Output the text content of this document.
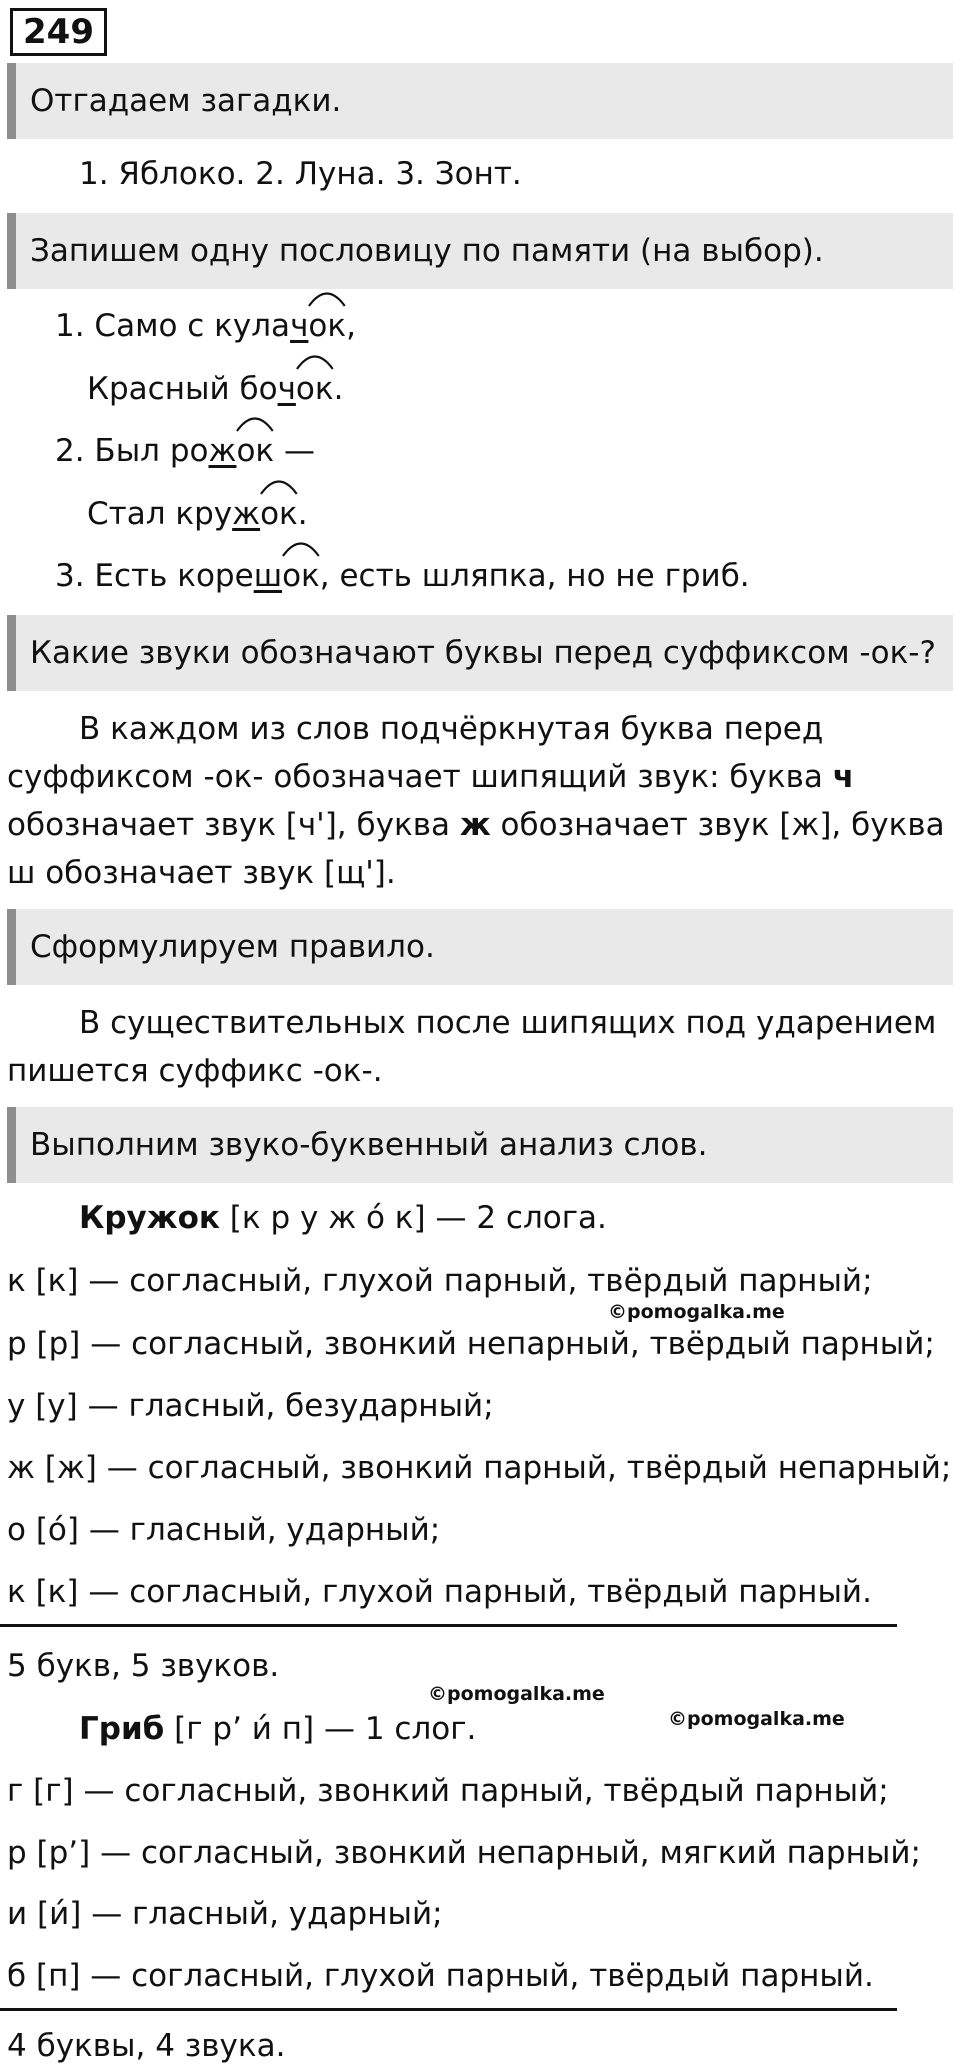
249
Отгадаем загадки.
1. Яблоко. 2. Луна. 3. Зонт.
Запишем одну пословицу по памяти (на выбор).
1. Само с кулач
ок,
Красный боч
ок.
2. Был рож
ок —
Стал круж
ок.
3. Есть кореш
ок, есть шляпка, но не гриб.
Какие звуки обозначают буквы перед суффиксом -ок-?
В каждом из слов подчёркнутая буква перед суффиксом -ок- обозначает шипящий звук: буква ч обозначает звук [ч'], буква ж обозначает звук [ж], буква ш обозначает звук [щ'].
Сформулируем правило.
В существительных после шипящих под ударением пишется суффикс -ок-.
Выполним звуко-буквенный анализ слов.
Кружок [к р у ж о́ к] — 2 слога.
к [к] — согласный, глухой парный, твёрдый парный;
©pomogalka.me
р [р] — согласный, звонкий непарный, твёрдый парный;
у [у] — гласный, безударный;
ж [ж] — согласный, звонкий парный, твёрдый непарный;
о [о́] — гласный, ударный;
к [к] — согласный, глухой парный, твёрдый парный.
5 букв, 5 звуков.
©pomogalka.me
©pomogalka.me
Гриб [г р’ и́ п] — 1 слог.
г [г] — согласный, звонкий парный, твёрдый парный;
р [р’] — согласный, звонкий непарный, мягкий парный;
и [и́] — гласный, ударный;
б [п] — согласный, глухой парный, твёрдый парный.
4 буквы, 4 звука.
